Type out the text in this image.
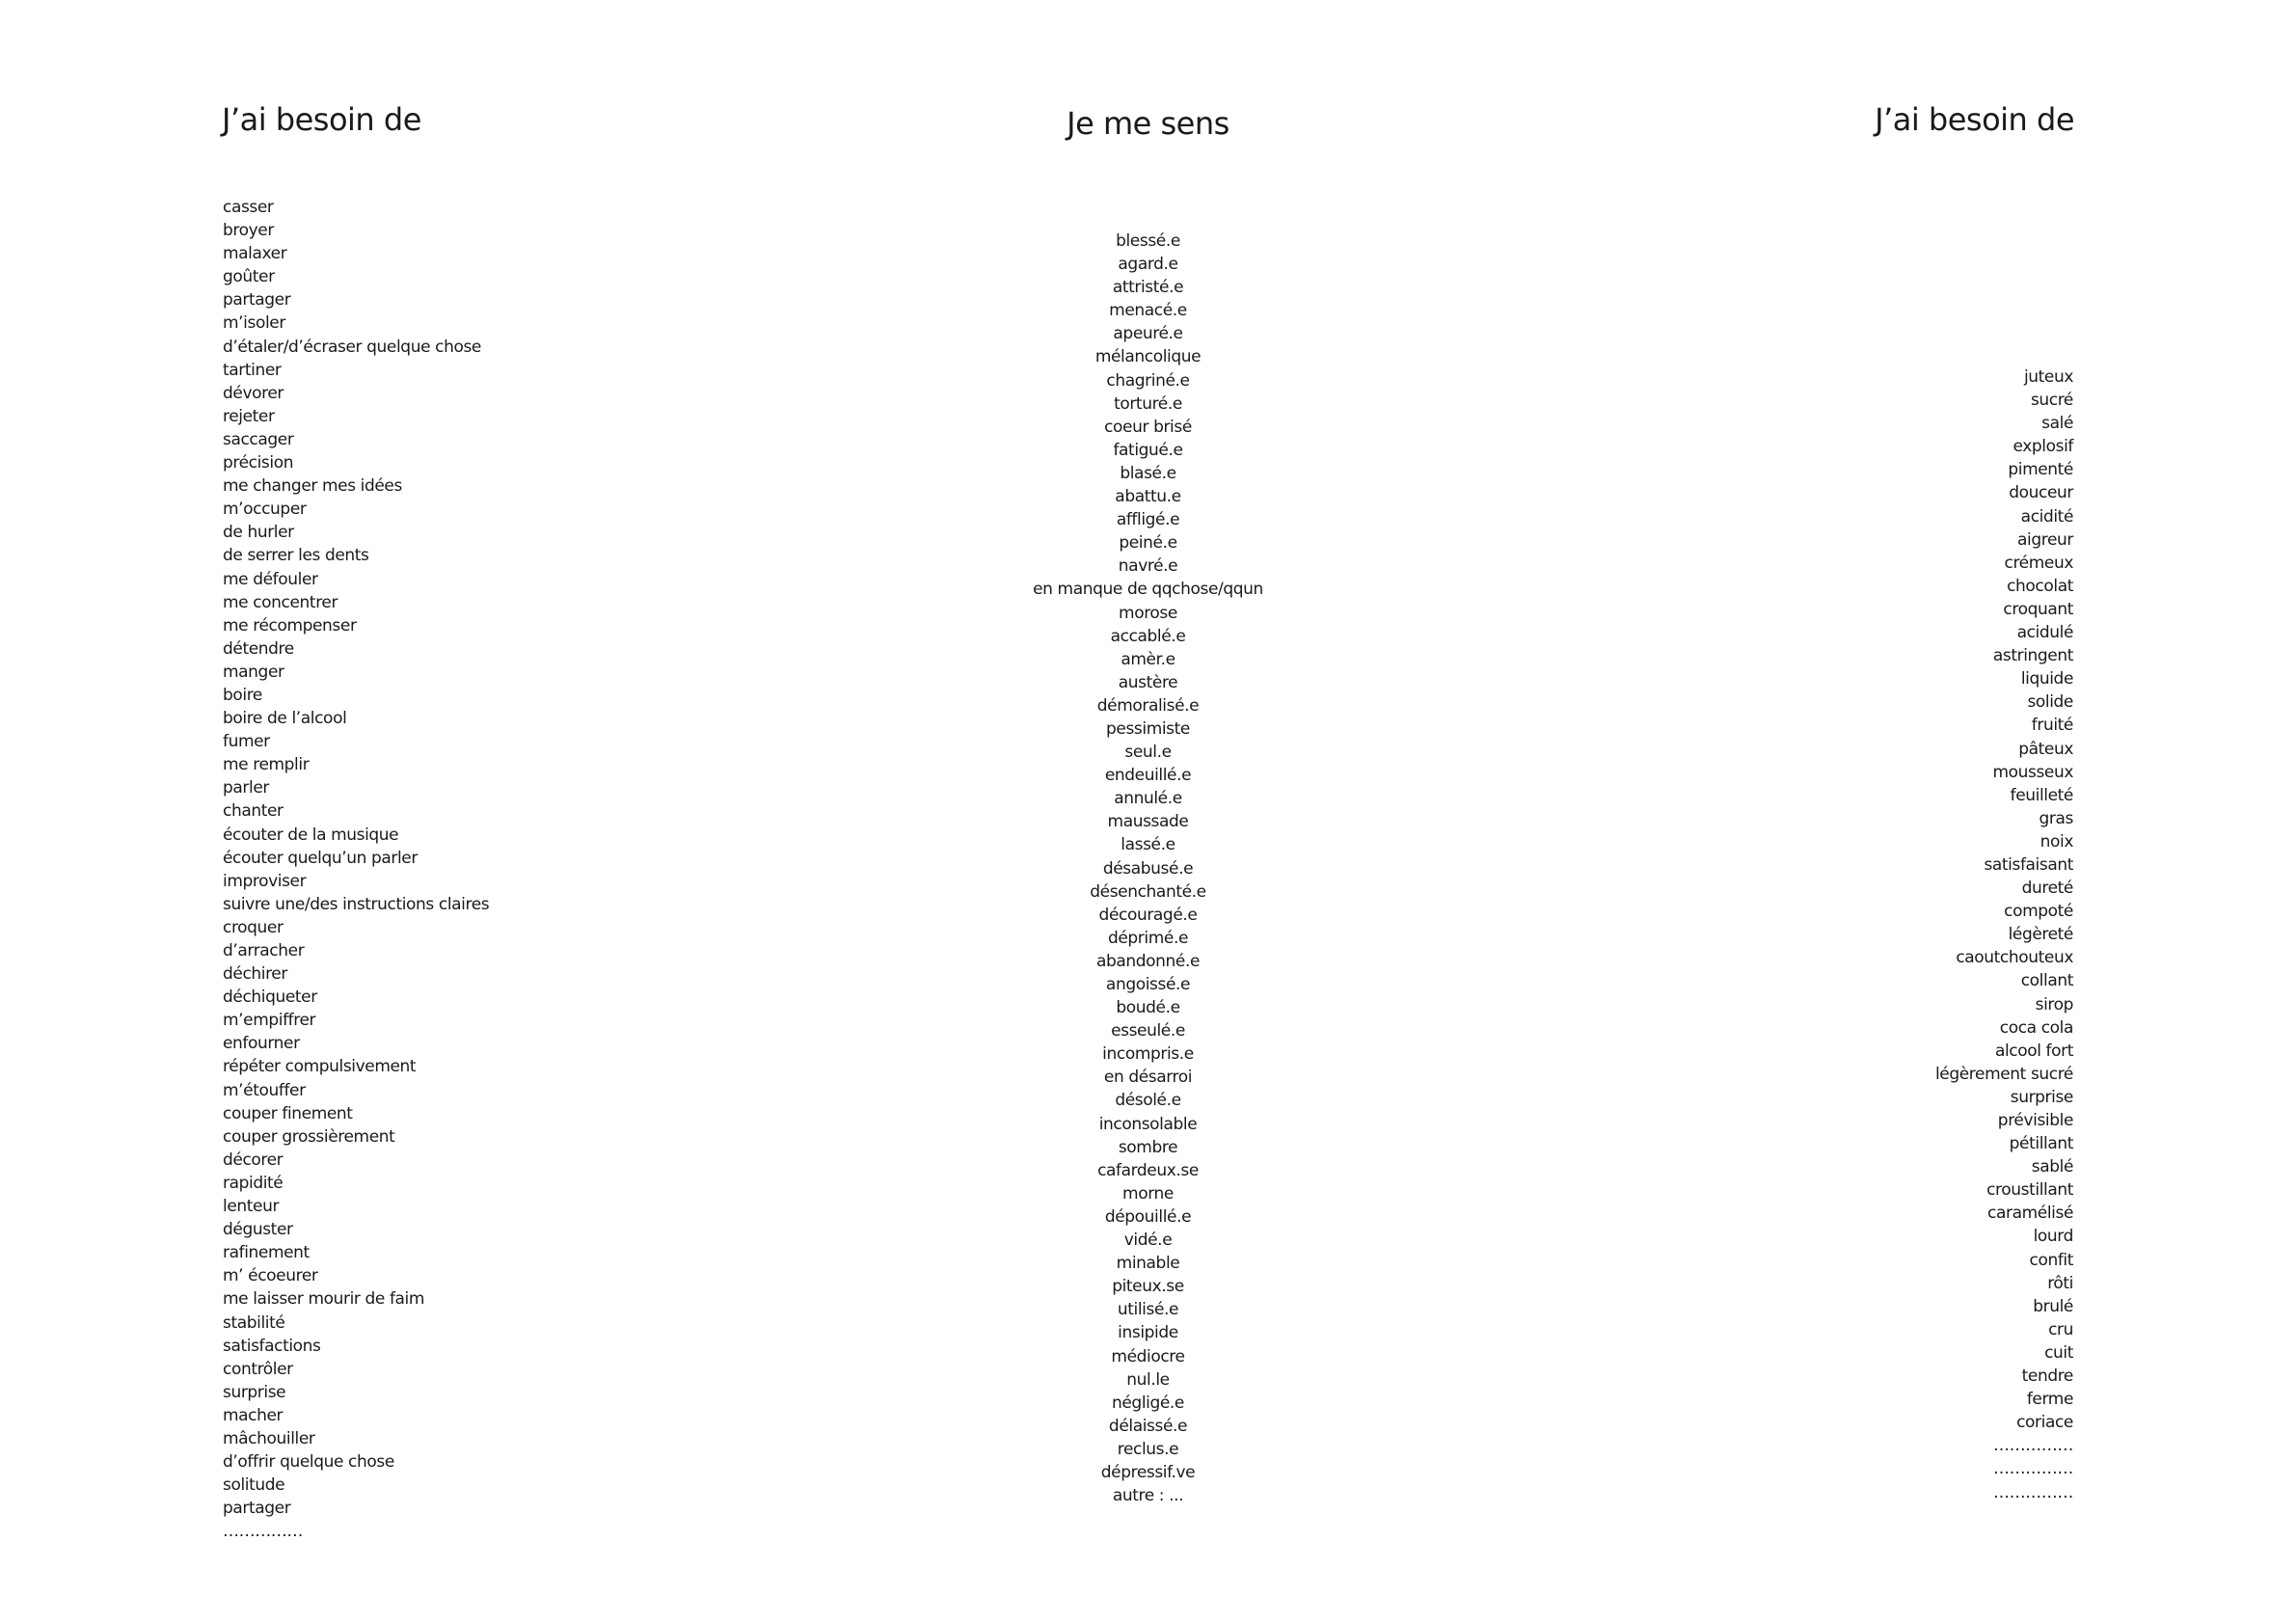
J’ai besoin de	Je me sens	J’ai besoin de
casser
broyer
malaxer
goûter
partager
m’isoler
d’étaler/d’écraser quelque chose
tartiner
dévorer
rejeter
saccager
précision
me changer mes idées
m’occuper
de hurler
de serrer les dents
me défouler
me concentrer
me récompenser
détendre
manger
boire
boire de l’alcool
fumer
me remplir
parler
chanter
écouter de la musique
écouter quelqu’un parler
improviser
suivre une/des instructions claires
croquer
d’arracher
déchirer
déchiqueter
m’empiffrer
enfourner
répéter compulsivement
m’étouffer
couper finement
couper grossièrement
décorer
rapidité
lenteur
déguster
rafinement
m’ écoeurer
me laisser mourir de faim
stabilité
satisfactions
contrôler
surprise
macher
mâchouiller
d’offrir quelque chose
solitude
partager
……………
blessé.e
agard.e
attristé.e
menacé.e
apeuré.e
mélancolique
chagriné.e
torturé.e
coeur brisé
fatigué.e
blasé.e
abattu.e
affligé.e
peiné.e
navré.e
en manque de qqchose/qqun
morose
accablé.e
amèr.e
austère
démoralisé.e
pessimiste
seul.e
endeuillé.e
annulé.e
maussade
lassé.e
désabusé.e
désenchanté.e
découragé.e
déprimé.e
abandonné.e
angoissé.e
boudé.e
esseulé.e
incompris.e
en désarroi
désolé.e
inconsolable
sombre
cafardeux.se
morne
dépouillé.e
vidé.e
minable
piteux.se
utilisé.e
insipide
médiocre
nul.le
négligé.e
délaissé.e
reclus.e
dépressif.ve
autre : ...
juteux
sucré
salé
explosif
pimenté
douceur
acidité
aigreur
crémeux
chocolat
croquant
acidulé
astringent
liquide
solide
fruité
pâteux
mousseux
feuilleté
gras
noix
satisfaisant
dureté
compoté
légèreté
caoutchouteux
collant
sirop
coca cola
alcool fort
légèrement sucré
surprise
prévisible
pétillant
sablé
croustillant
caramélisé
lourd
confit
rôti
brulé
cru
cuit
tendre
ferme
coriace
……………
……………
……………
